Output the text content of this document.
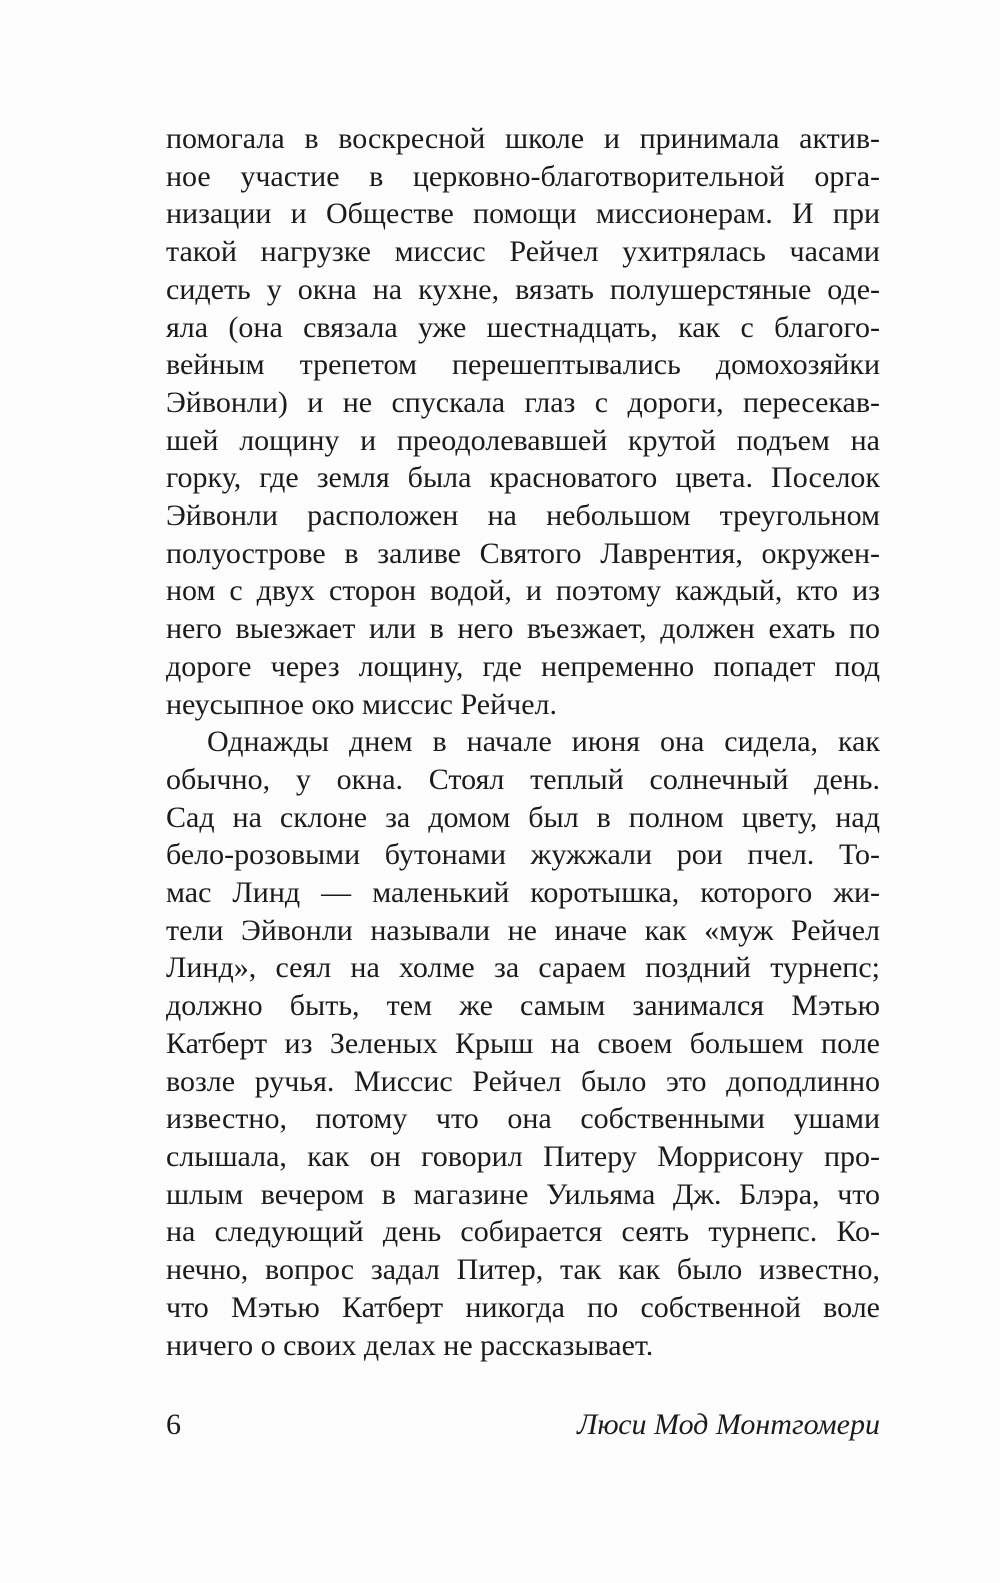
помогала в воскресной школе и принимала актив-
ное участие в церковно-благотворительной орга-
низации и Обществе помощи миссионерам. И при
такой нагрузке миссис Рейчел ухитрялась часами
сидеть у окна на кухне, вязать полушерстяные оде-
яла (она связала уже шестнадцать, как с благого-
вейным трепетом перешептывались домохозяйки
Эйвонли) и не спускала глаз с дороги, пересекав-
шей лощину и преодолевавшей крутой подъем на
горку, где земля была красноватого цвета. Поселок
Эйвонли расположен на небольшом треугольном
полуострове в заливе Святого Лаврентия, окружен-
ном с двух сторон водой, и поэтому каждый, кто из
него выезжает или в него въезжает, должен ехать по
дороге через лощину, где непременно попадет под
неусыпное око миссис Рейчел.
Однажды днем в начале июня она сидела, как
обычно, у окна. Стоял теплый солнечный день.
Сад на склоне за домом был в полном цвету, над
бело-розовыми бутонами жужжали рои пчел. То-
мас Линд — маленький коротышка, которого жи-
тели Эйвонли называли не иначе как «муж Рейчел
Линд», сеял на холме за сараем поздний турнепс;
должно быть, тем же самым занимался Мэтью
Катберт из Зеленых Крыш на своем большем поле
возле ручья. Миссис Рейчел было это доподлинно
известно, потому что она собственными ушами
слышала, как он говорил Питеру Моррисону про-
шлым вечером в магазине Уильяма Дж. Блэра, что
на следующий день собирается сеять турнепс. Ко-
нечно, вопрос задал Питер, так как было известно,
что Мэтью Катберт никогда по собственной воле
ничего о своих делах не рассказывает.
6	Люси Мод Монтгомери
